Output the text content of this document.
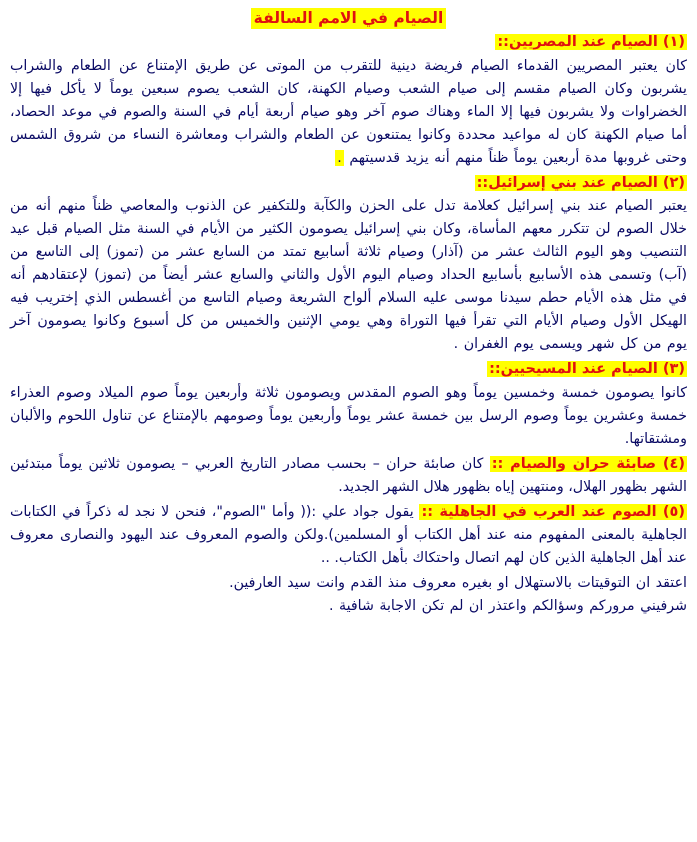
الصيام في الامم السالفة
(١) الصيام عند المصريين::

كان يعتبر المصريين القدماء الصيام فريضة دينية للتقرب من الموتى عن طريق الإمتناع عن الطعام والشراب يشربون وكان الصيام مقسم إلى صيام الشعب وصيام الكهنة، كان الشعب يصوم سبعين يوماً لا يأكل فيها إلا الخضراوات ولا يشربون فيها إلا الماء وهناك صوم آخر وهو صيام أربعة أيام في السنة والصوم في موعد الحصاد، أما صيام الكهنة كان له مواعيد محددة وكانوا يمتنعون عن الطعام والشراب ومعاشرة النساء من شروق الشمس وحتى غروبها مدة أربعين يوماً ظناً منهم أنه يزيد قدسيتهم .

(٢) الصيام عند بني إسرائيل::

يعتبر الصيام عند بني إسرائيل كعلامة تدل على الحزن والكآبة وللتكفير عن الذنوب والمعاصي ظناً منهم أنه من خلال الصوم لن تتكرر معهم المأساة، وكان بني إسرائيل يصومون الكثير من الأيام في السنة مثل الصيام قبل عيد التنصيب وهو اليوم الثالث عشر من (آذار) وصيام ثلاثة أسابيع تمتد من السابع عشر من (تموز) إلى التاسع من (آب) وتسمى هذه الأسابيع بأسابيع الحداد وصيام اليوم الأول والثاني والسابع عشر أيضاً من (تموز) لإعتقادهم أنه في مثل هذه الأيام حطم سيدنا موسى عليه السلام ألواح الشريعة وصيام التاسع من أغسطس الذي إختريب فيه الهيكل الأول وصيام الأيام التي تقرأ فيها التوراة وهي يومي الإثنين والخميس من كل أسبوع وكانوا يصومون آخر يوم من كل شهر ويسمى يوم الغفران .

(٣) الصيام عند المسيحيين::

كانوا يصومون خمسة وخمسين يوماً وهو الصوم المقدس ويصومون ثلاثة وأربعين يوماً صوم الميلاد وصوم العذراء خمسة وعشرين يوماً وصوم الرسل بين خمسة عشر يوماً وأربعين يوماً وصومهم بالإمتناع عن تناول اللحوم والألبان ومشتقاتها.

(٤) صابئة حران والصيام :: كان صابئة حران – بحسب مصادر التاريخ العربي – يصومون ثلاثين يوماً مبتدئين الشهر بظهور الهلال، ومنتهين إياه بظهور هلال الشهر الجديد.

(٥) الصوم عند العرب في الجاهلية :: يقول جواد علي :(( وأما "الصوم"، فنحن لا نجد له ذكراً في الكتابات الجاهلية بالمعنى المفهوم منه عند أهل الكتاب أو المسلمين).ولكن والصوم المعروف عند اليهود والنصارى معروف عند أهل الجاهلية الذين كان لهم اتصال واحتكاك بأهل الكتاب. ..

اعتقد ان التوقيتات بالاستهلال او بغيره معروف منذ القدم وانت سيد العارفين.

شرفيني مروركم وسؤالكم واعتذر ان لم تكن الاجابة شافية .
